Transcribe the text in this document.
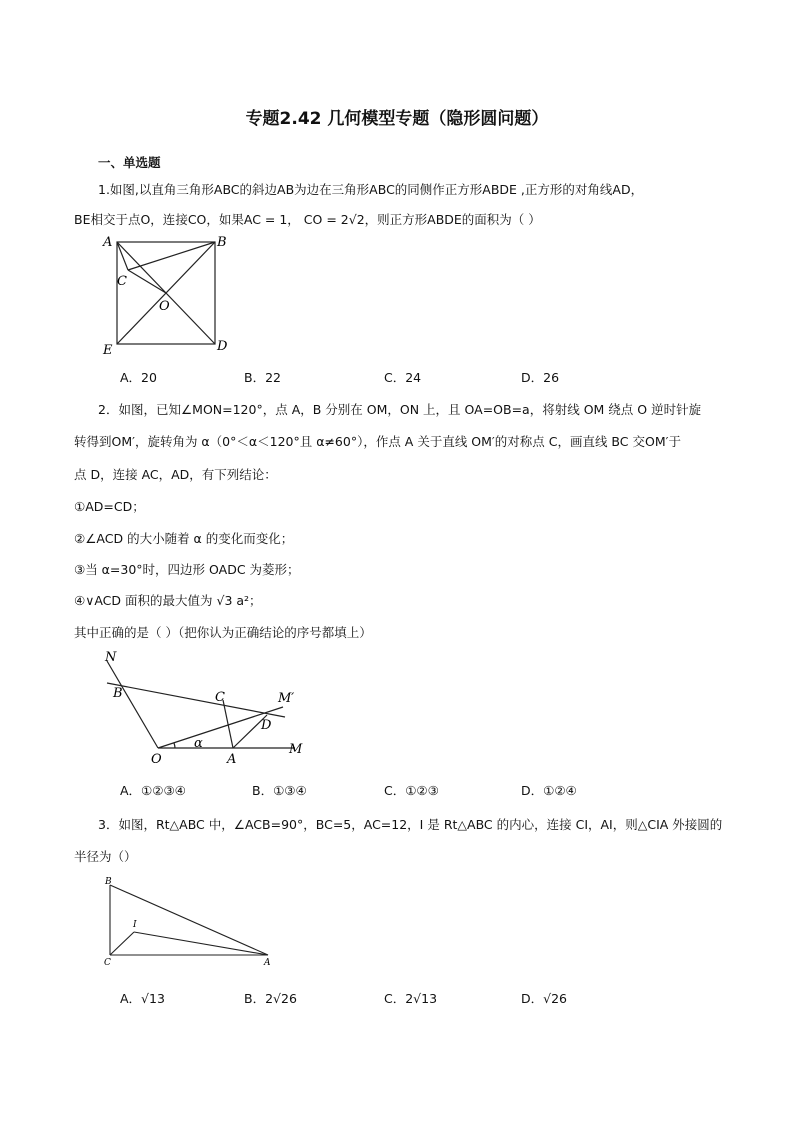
专题2.42 几何模型专题（隐形圆问题）
一、单选题
1.如图,以直角三角形ABC的斜边AB为边在三角形ABC的同侧作正方形ABDE ,正方形的对角线AD，
BE相交于点O，连接CO，如果AC = 1， CO = 2√2，则正方形ABDE的面积为（ ）
A	B
C
O
E	D
A．20	B．22	C．24	D．26
2．如图，已知∠MON=120°，点 A，B 分别在 OM，ON 上，且 OA=OB=a，将射线 OM 绕点 O 逆时针旋
转得到OM′，旋转角为 α（0°＜α＜120°且 α≠60°），作点 A 关于直线 OM′的对称点 C，画直线 BC 交OM′于
点 D，连接 AC，AD，有下列结论：
①AD=CD；
②∠ACD 的大小随着 α 的变化而变化；
③当 α=30°时，四边形 OADC 为菱形；
④∨ACD 面积的最大值为 √3 a²；
其中正确的是（ ）（把你认为正确结论的序号都填上）
N
B	C	M′
D
α
O	A
M
A．①②③④	B．①③④	C．①②③	D．①②④
3．如图，Rt△ABC 中，∠ACB=90°，BC=5，AC=12，I 是 Rt△ABC 的内心，连接 CI，AI，则△CIA 外接圆的
半径为（）
B
I
C	A
A．√13	B．2√26	C．2√13	D．√26
